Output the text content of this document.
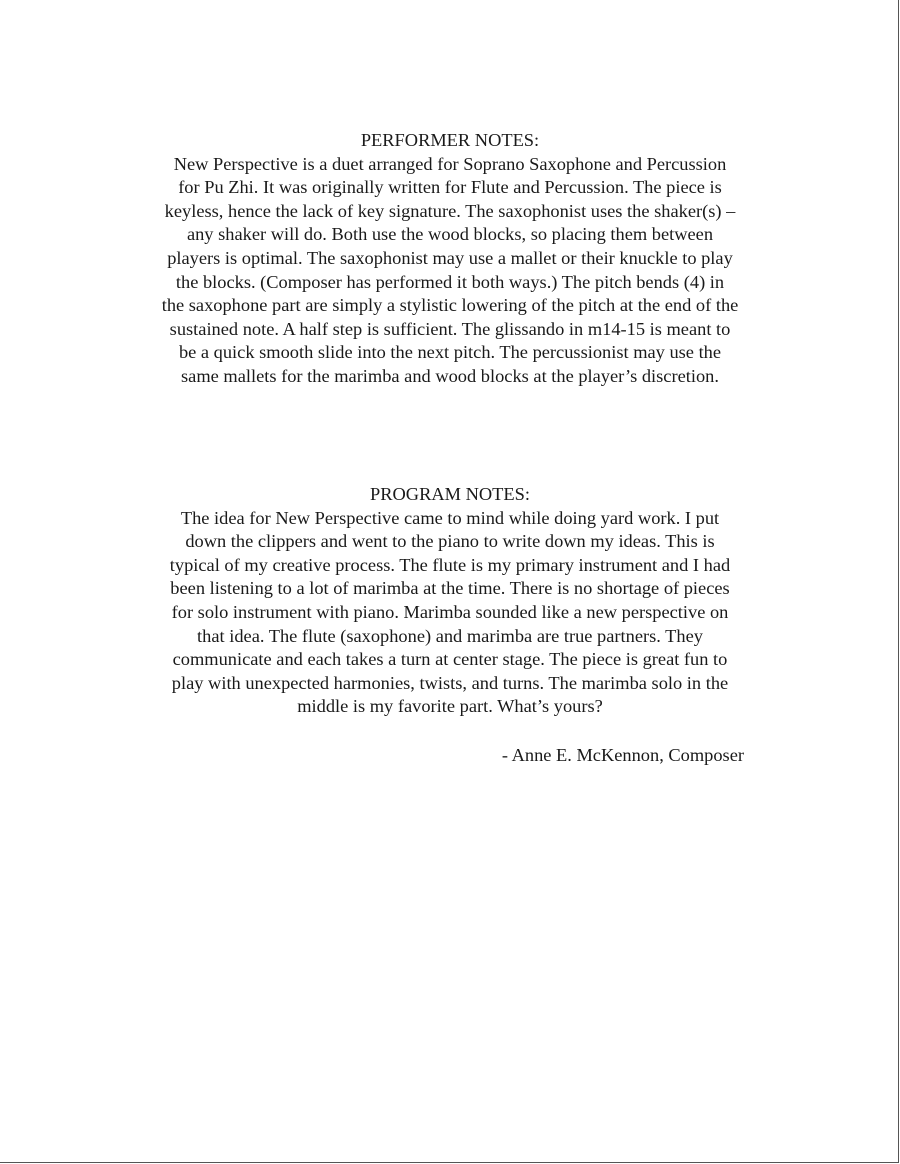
PERFORMER NOTES:
New Perspective is a duet arranged for Soprano Saxophone and Percussion
for Pu Zhi. It was originally written for Flute and Percussion. The piece is
keyless, hence the lack of key signature. The saxophonist uses the shaker(s) –
any shaker will do. Both use the wood blocks, so placing them between
players is optimal. The saxophonist may use a mallet or their knuckle to play
the blocks. (Composer has performed it both ways.) The pitch bends (4) in
the saxophone part are simply a stylistic lowering of the pitch at the end of the
sustained note. A half step is sufficient. The glissando in m14-15 is meant to
be a quick smooth slide into the next pitch. The percussionist may use the
same mallets for the marimba and wood blocks at the player’s discretion.
PROGRAM NOTES:
The idea for New Perspective came to mind while doing yard work. I put
down the clippers and went to the piano to write down my ideas. This is
typical of my creative process. The flute is my primary instrument and I had
been listening to a lot of marimba at the time. There is no shortage of pieces
for solo instrument with piano. Marimba sounded like a new perspective on
that idea. The flute (saxophone) and marimba are true partners. They
communicate and each takes a turn at center stage. The piece is great fun to
play with unexpected harmonies, twists, and turns. The marimba solo in the
middle is my favorite part. What’s yours?
- Anne E. McKennon, Composer
